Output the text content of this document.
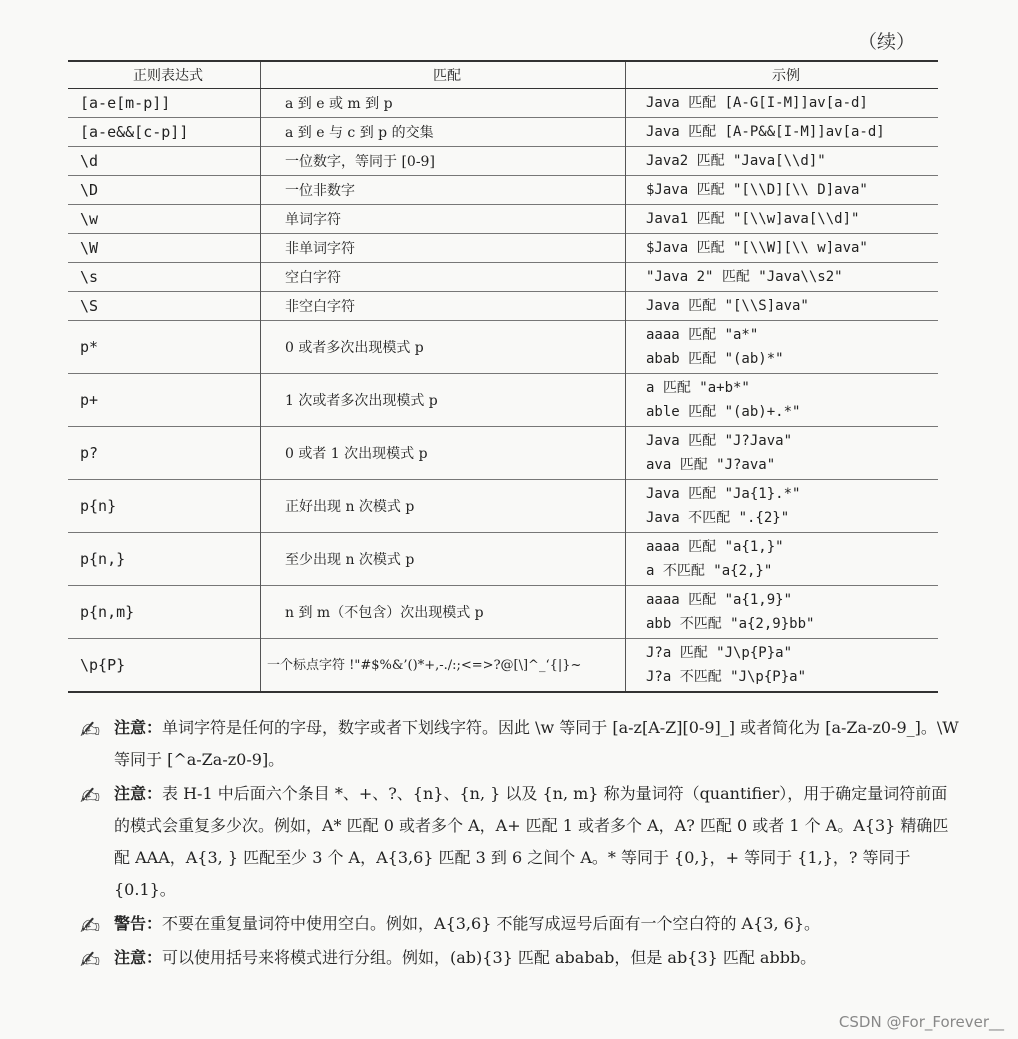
（续）
正则表达式	匹配	示例
[a-e[m-p]]	a 到 e 或 m 到 p	Java 匹配 [A-G[I-M]]av[a-d]

[a-e&&[c-p]]	a 到 e 与 c 到 p 的交集	Java 匹配 [A-P&&[I-M]]av[a-d]

\d	一位数字，等同于 [0-9]	Java2 匹配 "Java[\\d]"

\D	一位非数字	$Java 匹配 "[\\D][\\ D]ava"

\w	单词字符	Java1 匹配 "[\\w]ava[\\d]"

\W	非单词字符	$Java 匹配 "[\\W][\\ w]ava"

\s	空白字符	"Java 2" 匹配 "Java\\s2"

\S	非空白字符	Java 匹配 "[\\S]ava"

p*	0 或者多次出现模式 p	aaaa 匹配 "a*"
abab 匹配 "(ab)*"

p+	1 次或者多次出现模式 p	a 匹配 "a+b*"
able 匹配 "(ab)+.*"

p?	0 或者 1 次出现模式 p	Java 匹配 "J?Java"
ava 匹配 "J?ava"

p{n}	正好出现 n 次模式 p	Java 匹配 "Ja{1}.*"
Java 不匹配 ".{2}"

p{n,}	至少出现 n 次模式 p	aaaa 匹配 "a{1,}"
a 不匹配 "a{2,}"

p{n,m}	n 到 m（不包含）次出现模式 p	aaaa 匹配 "a{1,9}"
abb 不匹配 "a{2,9}bb"

\p{P}	一个标点字符 !"#$%&’()*+,-./:;<=>?@[\]^_‘{|}~	J?a 匹配 "J\p{P}a"
J?a 不匹配 "J\p{P}a"
✍ 注意：单词字符是任何的字母，数字或者下划线字符。因此 \w 等同于 [a-z[A-Z][0-9]_] 或者简化为 [a-Za-z0-9_]。\W 等同于 [^a-Za-z0-9]。
✍ 注意：表 H-1 中后面六个条目 *、+、?、{n}、{n, } 以及 {n, m} 称为量词符（quantifier），用于确定量词符前面的模式会重复多少次。例如，A* 匹配 0 或者多个 A，A+ 匹配 1 或者多个 A，A? 匹配 0 或者 1 个 A。A{3} 精确匹配 AAA，A{3, } 匹配至少 3 个 A，A{3,6} 匹配 3 到 6 之间个 A。* 等同于 {0,}，+ 等同于 {1,}，? 等同于 {0.1}。
✍ 警告：不要在重复量词符中使用空白。例如，A{3,6} 不能写成逗号后面有一个空白符的 A{3, 6}。
✍ 注意：可以使用括号来将模式进行分组。例如，(ab){3} 匹配 ababab，但是 ab{3} 匹配 abbb。
CSDN @For_Forever__
